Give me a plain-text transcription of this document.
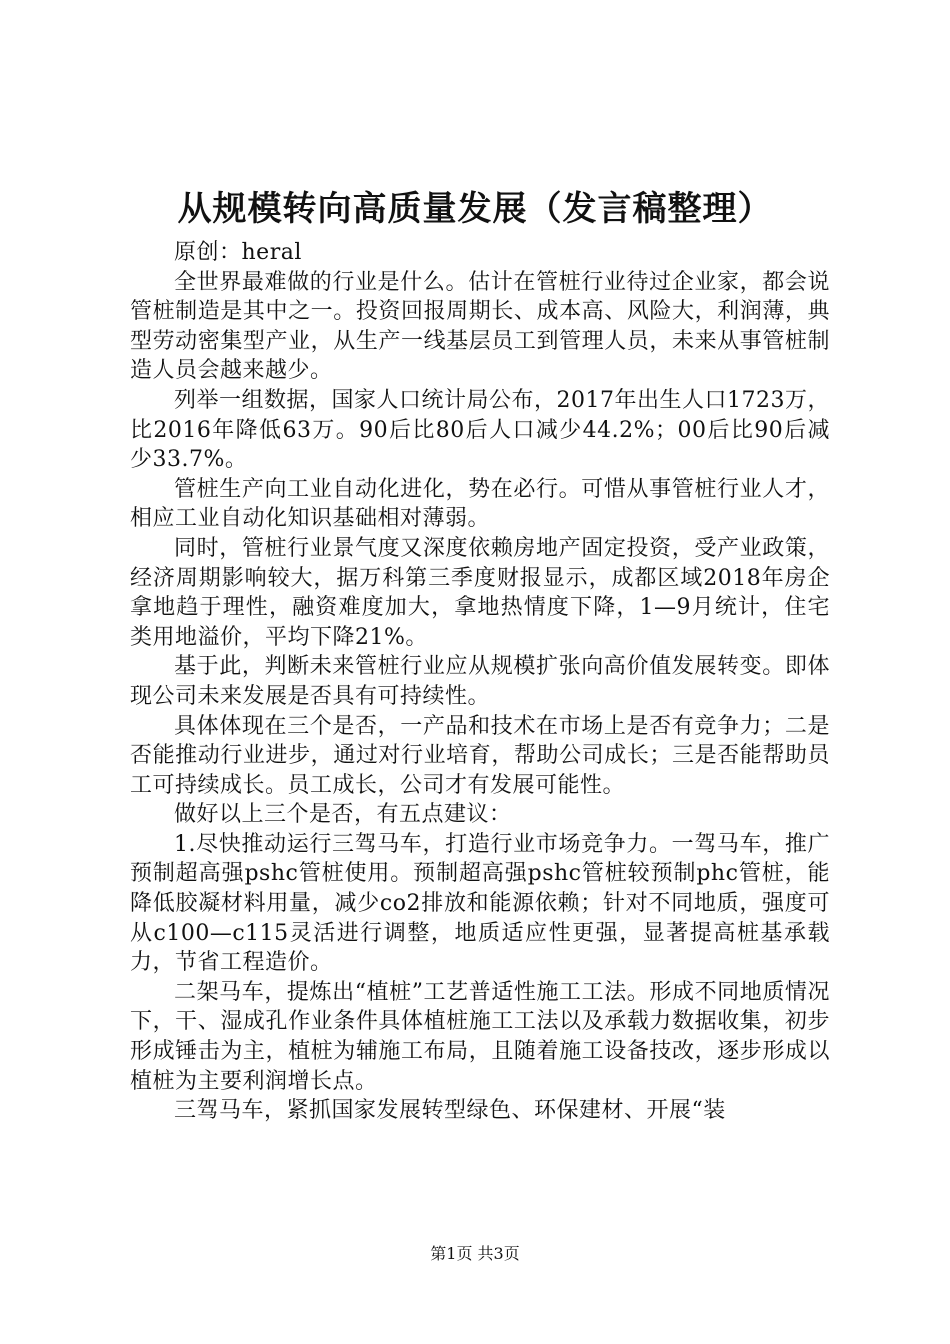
从规模转向高质量发展（发言稿整理）

原创：heral

全世界最难做的行业是什么。估计在管桩行业待过企业家，都会说管桩制造是其中之一。投资回报周期长、成本高、风险大，利润薄，典型劳动密集型产业，从生产一线基层员工到管理人员，未来从事管桩制造人员会越来越少。

列举一组数据，国家人口统计局公布，2017年出生人口1723万，比2016年降低63万。90后比80后人口减少44.2%；00后比90后减少33.7%。

管桩生产向工业自动化进化，势在必行。可惜从事管桩行业人才，相应工业自动化知识基础相对薄弱。

同时，管桩行业景气度又深度依赖房地产固定投资，受产业政策，经济周期影响较大，据万科第三季度财报显示，成都区域2018年房企拿地趋于理性，融资难度加大，拿地热情度下降，1—9月统计，住宅类用地溢价，平均下降21%。

基于此，判断未来管桩行业应从规模扩张向高价值发展转变。即体现公司未来发展是否具有可持续性。

具体体现在三个是否，一产品和技术在市场上是否有竞争力；二是否能推动行业进步，通过对行业培育，帮助公司成长；三是否能帮助员工可持续成长。员工成长，公司才有发展可能性。

做好以上三个是否，有五点建议：

1.尽快推动运行三驾马车，打造行业市场竞争力。一驾马车，推广预制超高强pshc管桩使用。预制超高强pshc管桩较预制phc管桩，能降低胶凝材料用量，减少co2排放和能源依赖；针对不同地质，强度可从c100—c115灵活进行调整，地质适应性更强，显著提高桩基承载力，节省工程造价。

二架马车，提炼出“植桩”工艺普适性施工工法。形成不同地质情况下，干、湿成孔作业条件具体植桩施工工法以及承载力数据收集，初步形成锤击为主，植桩为辅施工布局，且随着施工设备技改，逐步形成以植桩为主要利润增长点。

三驾马车，紧抓国家发展转型绿色、环保建材、开展“装

第1页 共3页
